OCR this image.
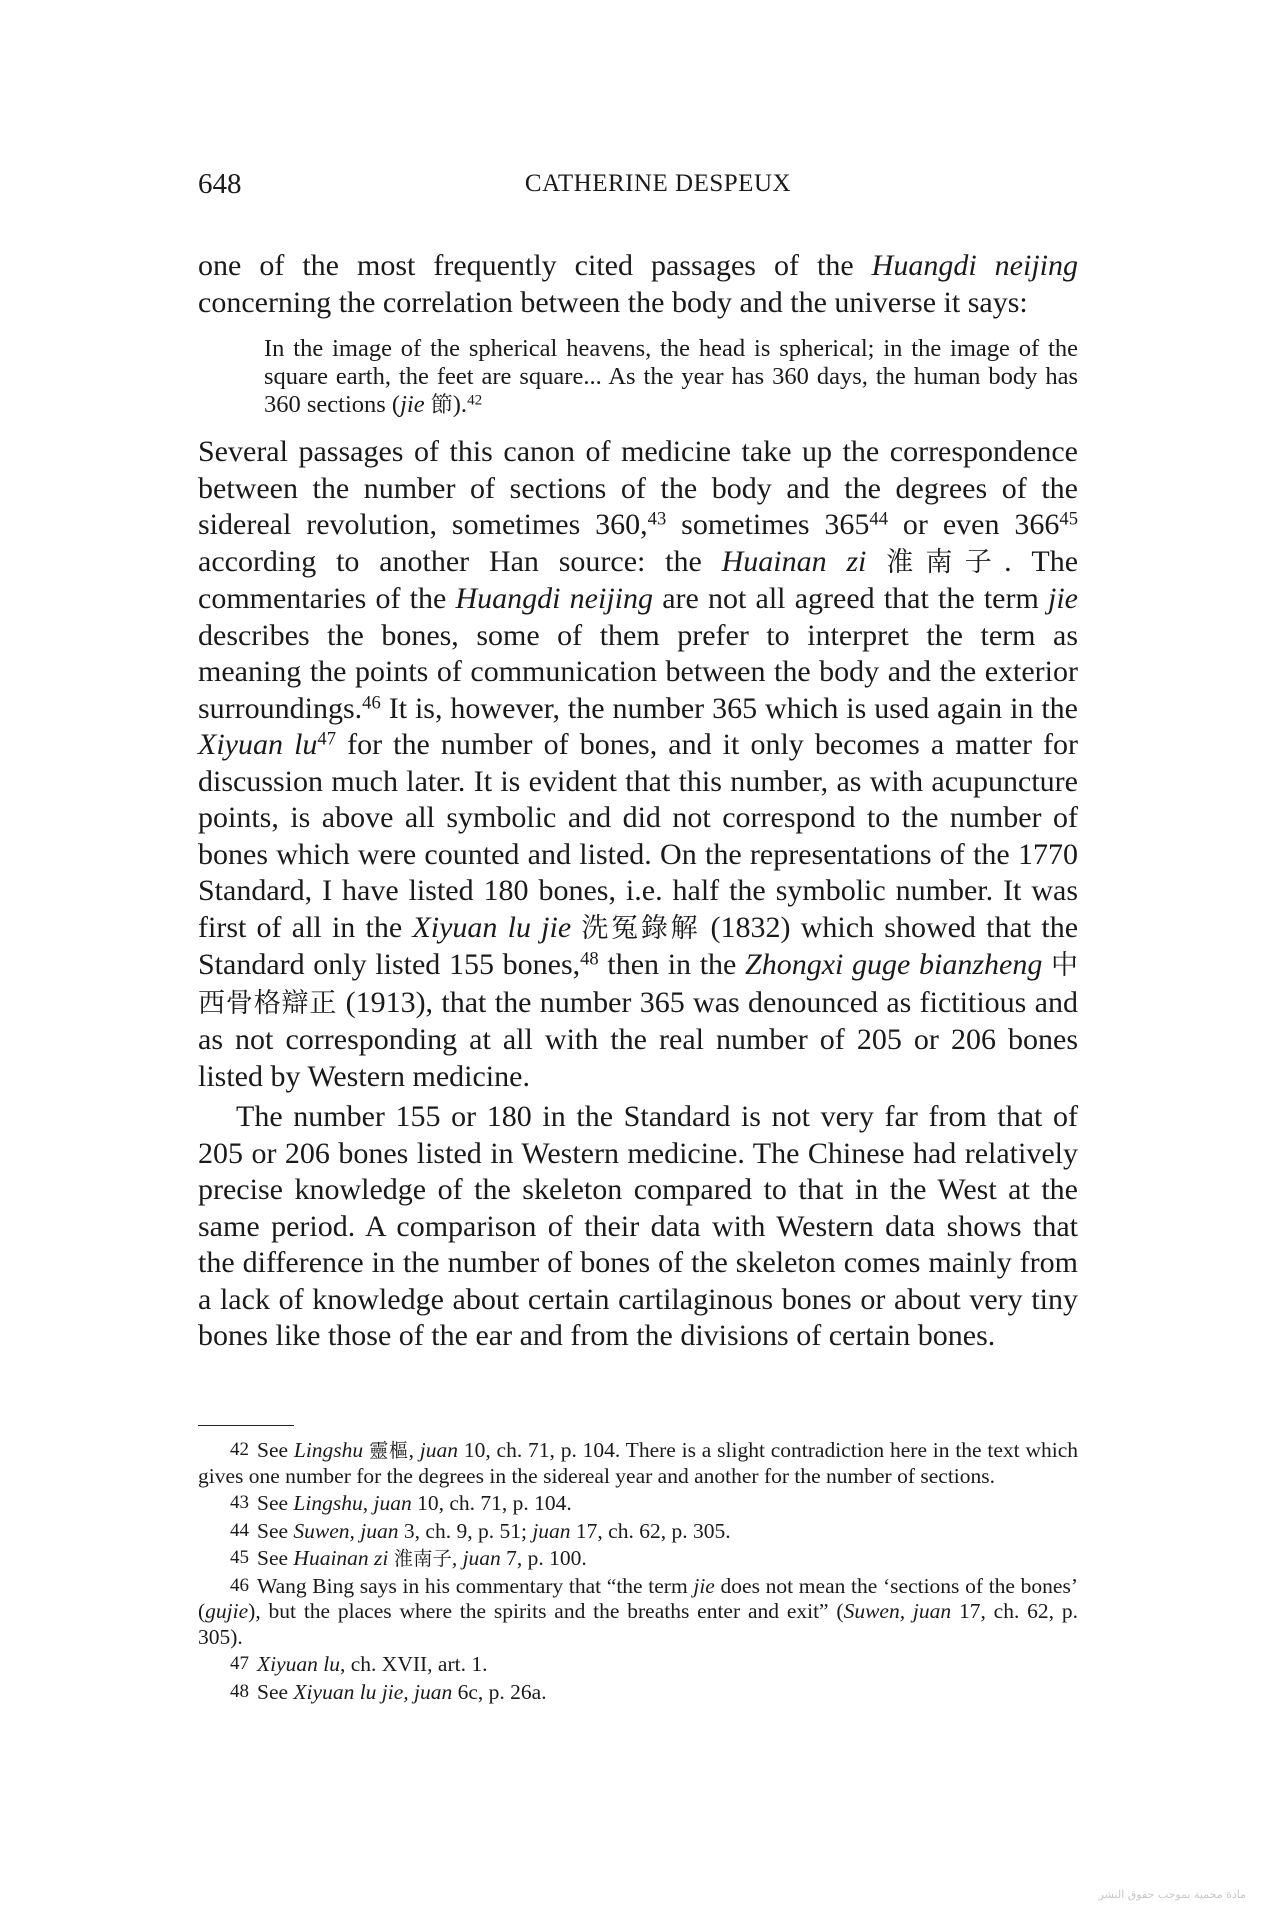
648	CATHERINE DESPEUX

one of the most frequently cited passages of the Huangdi neijing concerning the correlation between the body and the universe it says:

In the image of the spherical heavens, the head is spherical; in the image of the square earth, the feet are square... As the year has 360 days, the human body has 360 sections (jie 節).$^{42}$

Several passages of this canon of medicine take up the correspondence between the number of sections of the body and the degrees of the sidereal revolution, sometimes 360,43 sometimes $365^{44}$ or even $366^{45}$ according to another Han source: the Huainan zi 淮南子. The commentaries of the Huangdi neijing are not all agreed that the term jie describes the bones, some of them prefer to interpret the term as meaning the points of communication between the body and the exterior surroundings.$^{46}$ It is, however, the number 365 which is used again in the Xiyuan $lu^{47}$ for the number of bones, and it only becomes a matter for discussion much later. It is evident that this number, as with acupuncture points, is above all symbolic and did not correspond to the number of bones which were counted and listed. On the representations of the 1770 Standard, I have listed 180 bones, i.e. half the symbolic number. It was first of all in the Xiyuan lu jie 洗冤錄解 (1832) which showed that the Standard only listed 155 bones,$^{48}$ then in the Zhongxi guge bianzheng 中西骨格辯正 (1913), that the number 365 was denounced as fictitious and as not corresponding at all with the real number of 205 or 206 bones listed by Western medicine.

The number 155 or 180 in the Standard is not very far from that of 205 or 206 bones listed in Western medicine. The Chinese had relatively precise knowledge of the skeleton compared to that in the West at the same period. A comparison of their data with Western data shows that the difference in the number of bones of the skeleton comes mainly from a lack of knowledge about certain cartilaginous bones or about very tiny bones like those of the ear and from the divisions of certain bones.

42 See Lingshu 靈樞, juan 10, ch. 71, p. 104. There is a slight contradiction here in the text which gives one number for the degrees in the sidereal year and another for the number of sections.

43 See Lingshu, juan 10, ch. 71, p. 104.

44 See Suwen, juan 3, ch. 9, p. 51; juan 17, ch. 62, p. 305.

45 See Huainan zi 淮南子, juan 7, p. 100.

46 Wang Bing says in his commentary that “the term jie does not mean the ‘sections of the bones’ (gujie), but the places where the spirits and the breaths enter and exit” (Suwen, juan 17, ch. 62, p. 305).

47 Xiyuan lu, ch. XVII, art. 1.

48 See Xiyuan lu jie, juan 6c, p. 26a.

مادة محمية بموجب حقوق النشر
